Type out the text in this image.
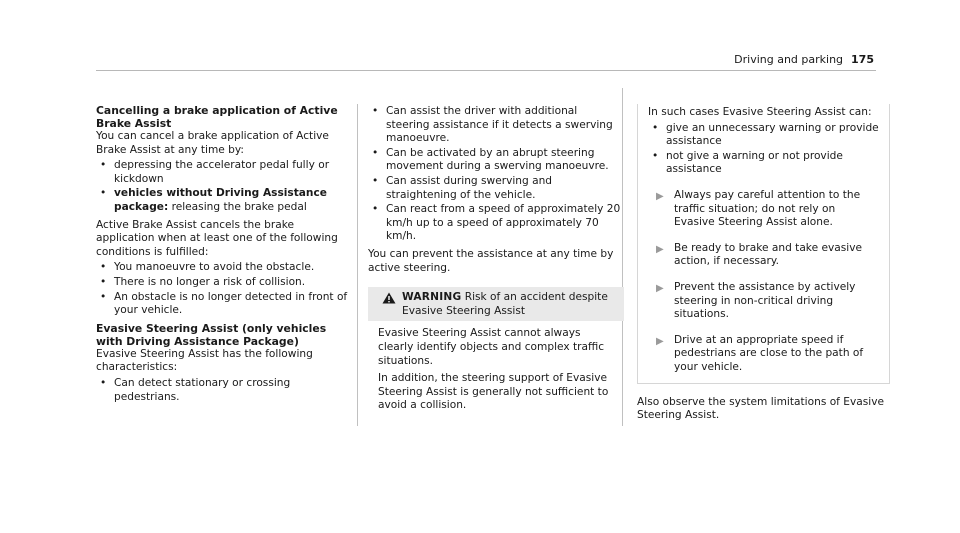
Driving and parking 175
Cancelling a brake application of Active Brake Assist

You can cancel a brake application of Active Brake Assist at any time by:

• depressing the accelerator pedal fully or kickdown
• vehicles without Driving Assistance package: releasing the brake pedal

Active Brake Assist cancels the brake application when at least one of the following conditions is fulfilled:

• You manoeuvre to avoid the obstacle.
• There is no longer a risk of collision.
• An obstacle is no longer detected in front of your vehicle.
Evasive Steering Assist (only vehicles with Driving Assistance Package)

Evasive Steering Assist has the following characteristics:

• Can detect stationary or crossing pedestrians.
• Can assist the driver with additional steering assistance if it detects a swerving manoeuvre.
• Can be activated by an abrupt steering movement during a swerving manoeuvre.
• Can assist during swerving and straightening of the vehicle.
• Can react from a speed of approximately 20 km/h up to a speed of approximately 70 km/h.

You can prevent the assistance at any time by active steering.

WARNING Risk of an accident despite Evasive Steering Assist

Evasive Steering Assist cannot always clearly identify objects and complex traffic situations.

In addition, the steering support of Evasive Steering Assist is generally not sufficient to avoid a collision.

In such cases Evasive Steering Assist can:

• give an unnecessary warning or provide assistance
• not give a warning or not provide assistance
▶ Always pay careful attention to the traffic situation; do not rely on Evasive Steering Assist alone.
▶ Be ready to brake and take evasive action, if necessary.
▶ Prevent the assistance by actively steering in non-critical driving situations.
▶ Drive at an appropriate speed if pedestrians are close to the path of your vehicle.

Also observe the system limitations of Evasive Steering Assist.
